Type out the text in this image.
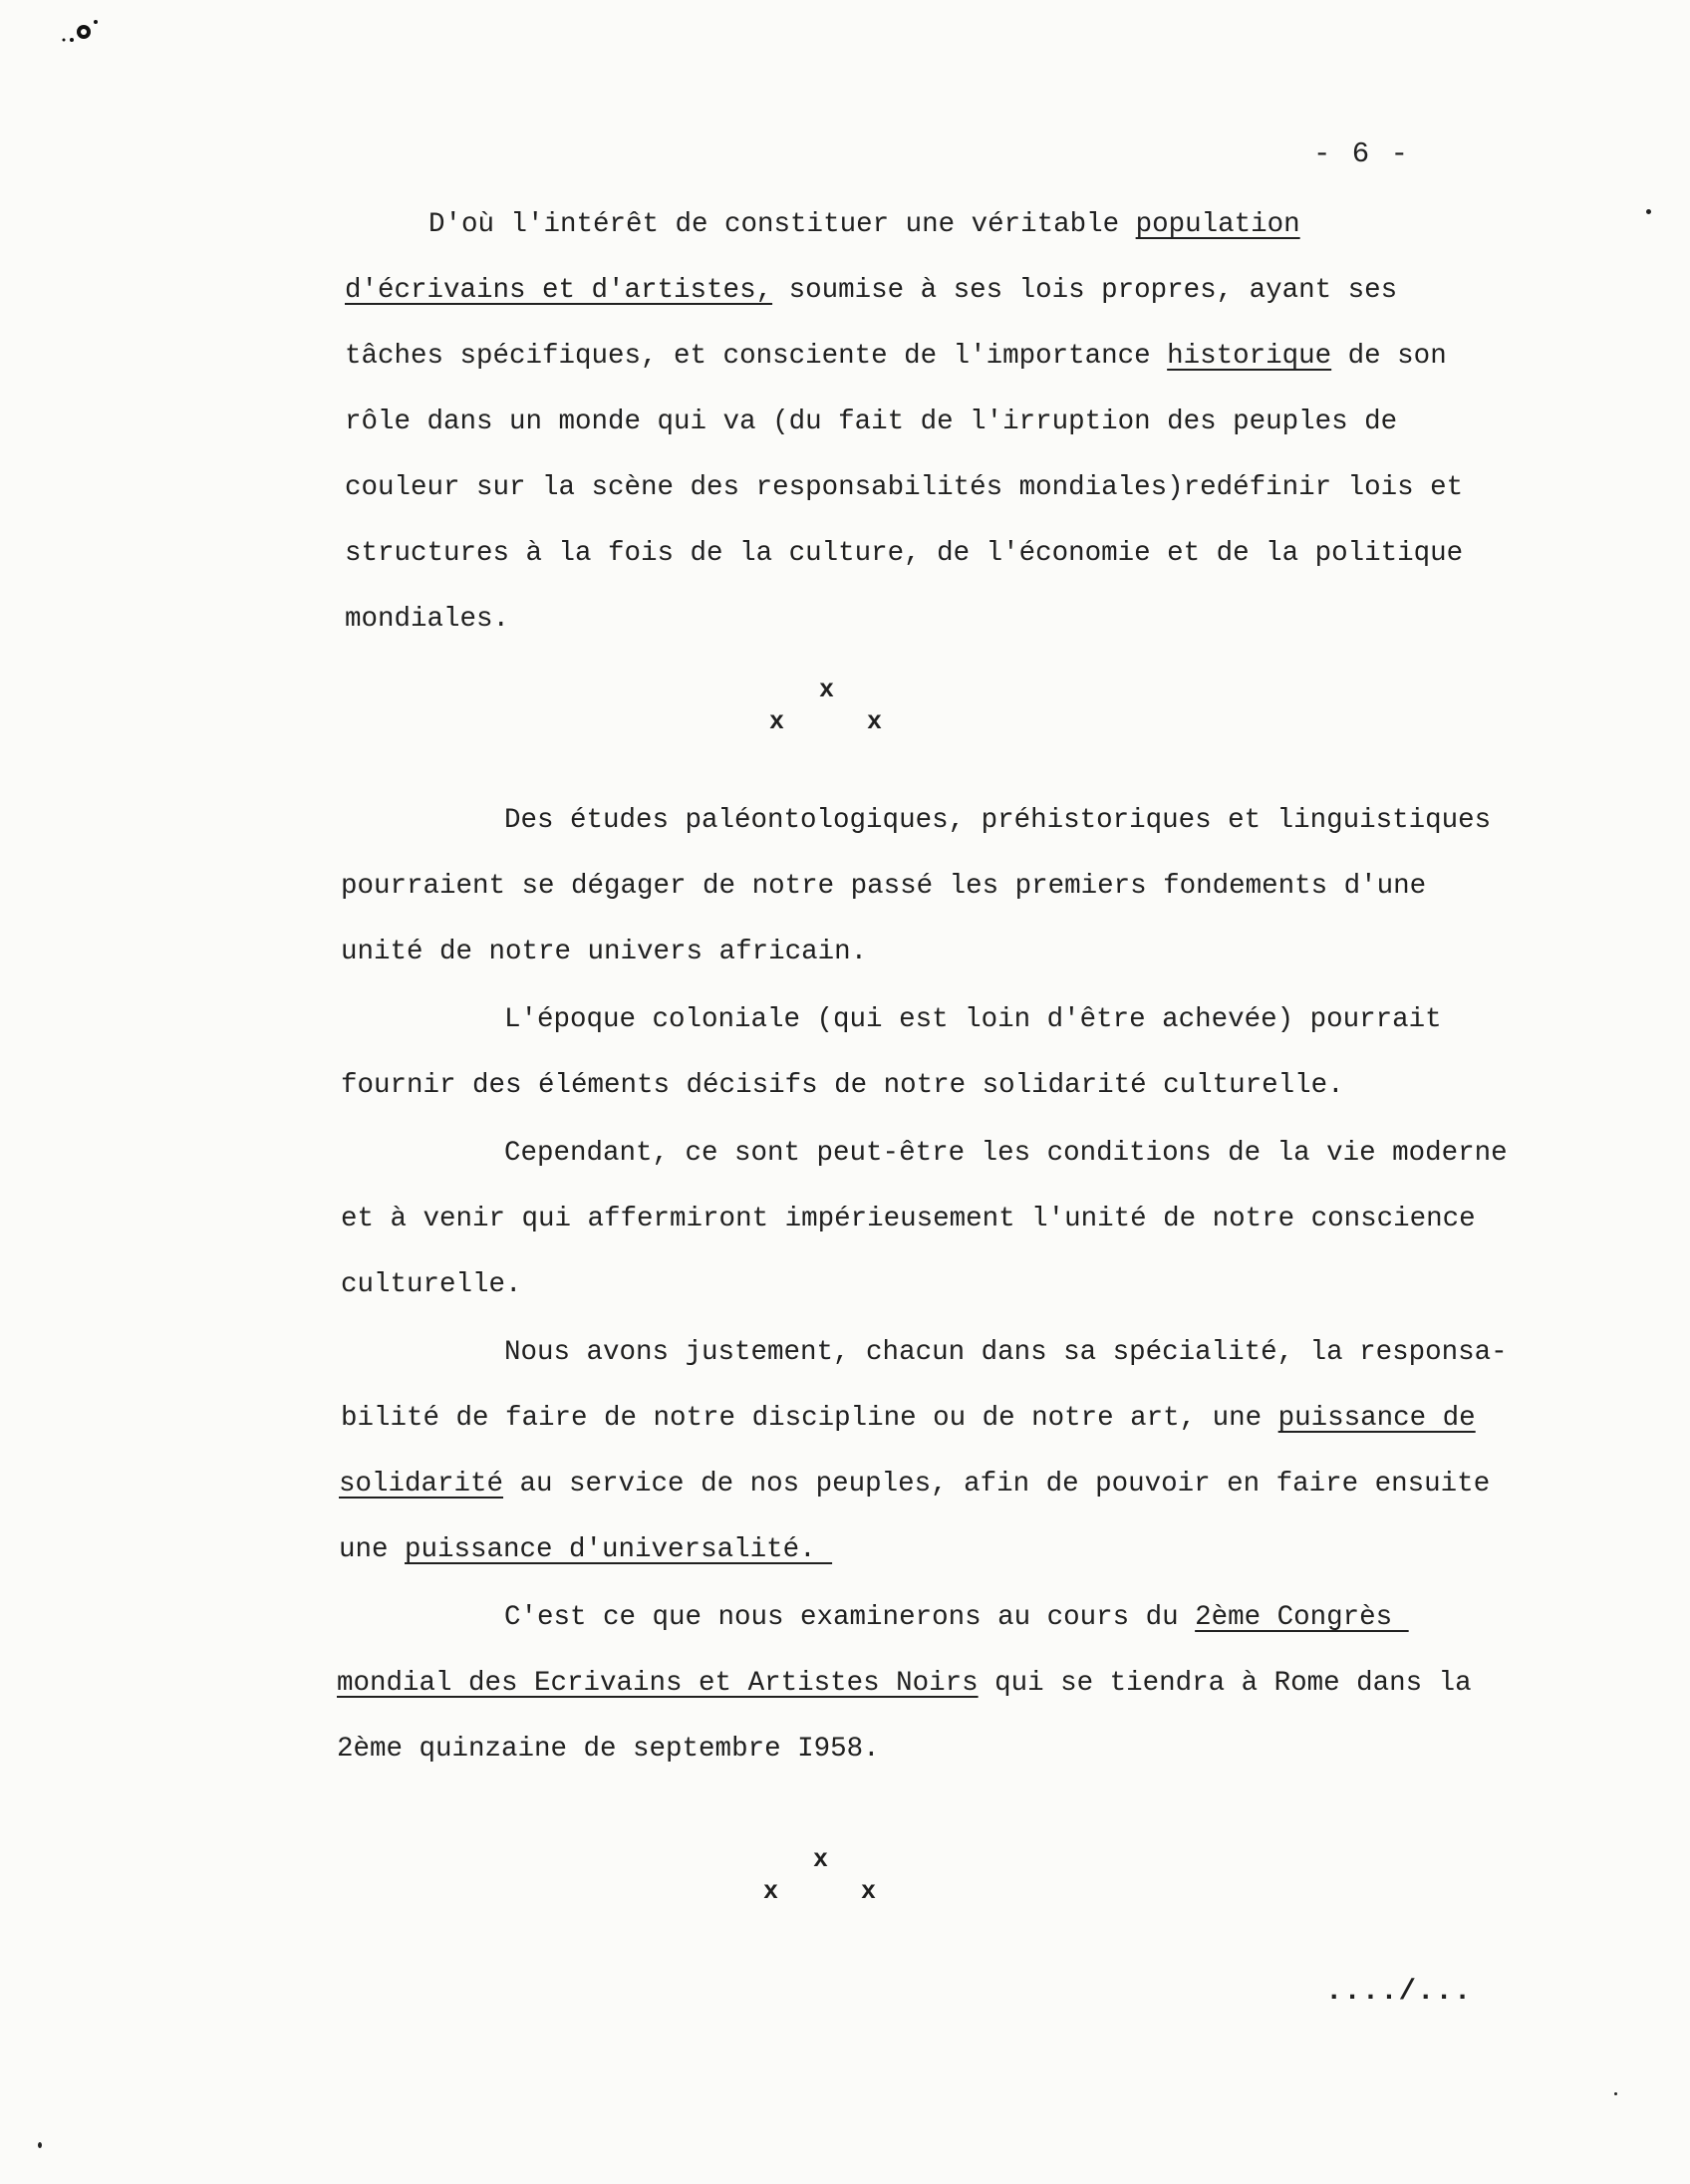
- 6 -
D'où l'intérêt de constituer une véritable population
d'écrivains et d'artistes, soumise à ses lois propres, ayant ses
tâches spécifiques, et consciente de l'importance historique de son
rôle dans un monde qui va (du fait de l'irruption des peuples de
couleur sur la scène des responsabilités mondiales)redéfinir lois et
structures à la fois de la culture, de l'économie et de la politique
mondiales.
x
x	x
Des études paléontologiques, préhistoriques et linguistiques
pourraient se dégager de notre passé les premiers fondements d'une
unité de notre univers africain.
L'époque coloniale (qui est loin d'être achevée) pourrait
fournir des éléments décisifs de notre solidarité culturelle.
Cependant, ce sont peut-être les conditions de la vie moderne
et à venir qui affermiront impérieusement l'unité de notre conscience
culturelle.
Nous avons justement, chacun dans sa spécialité, la responsa-
bilité de faire de notre discipline ou de notre art, une puissance de
solidarité au service de nos peuples, afin de pouvoir en faire ensuite
une puissance d'universalité.
C'est ce que nous examinerons au cours du 2ème Congrès
mondial des Ecrivains et Artistes Noirs qui se tiendra à Rome dans la
2ème quinzaine de septembre I958.
x
x	x
..../...
